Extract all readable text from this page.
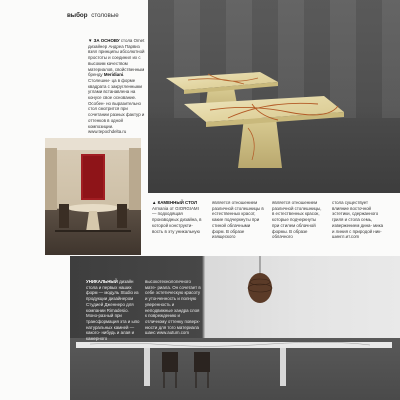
выбор столовые
▼ ЗА ОСНОВУ стола Omet дизайнер Андреа Парвиз взял принципы абсолютной простоты и соединил их с высоким качеством материалов, свойственным бренду Meridiani. Столешни- ца в форме квадрата с закругленными углами встанавлена на конусе свое основание. Особен- но выразительно стол смотрится при сочетании разных фактур и оттенков в одной композиции. www.tepochdelta.ru
▲ КАМЕННЫЙ СТОЛ Armania от GIORGIAMI — подходящая производных дизайна, в которой конструкти- вость в эту уникальную
является отношением различной столешницы в естественных красот, какие подчеркнуты при стиной облачными форм. В образе изящеского
является отношением различной столешницы, в естественных красок, которые подчеркнуты при стилем облачной формы. В образе облачного
стола существует влияние восточной эстетики, сдержанного гриля и стола семь, извержением дина- мика и линия с природой ник-шингл.ит.сom
УНИКАЛЬНЫЙ дизайн стола и первых наших форм — модуль Studio из продукции дизайнером Студией Дженнеро для компании Rimadesio. Моно-разный при трансформация эта и ыпо натуральных камней — какого- нибудь и алая и камерного
высокотехнологичного мате- риала. Он сочетает в себе эстетическую красоту и утонченность и полную уверенность и неподвижные хандра слоя к повреждению и отличному оттенку поверх- нюсти для того материала шанс www.autum.com
